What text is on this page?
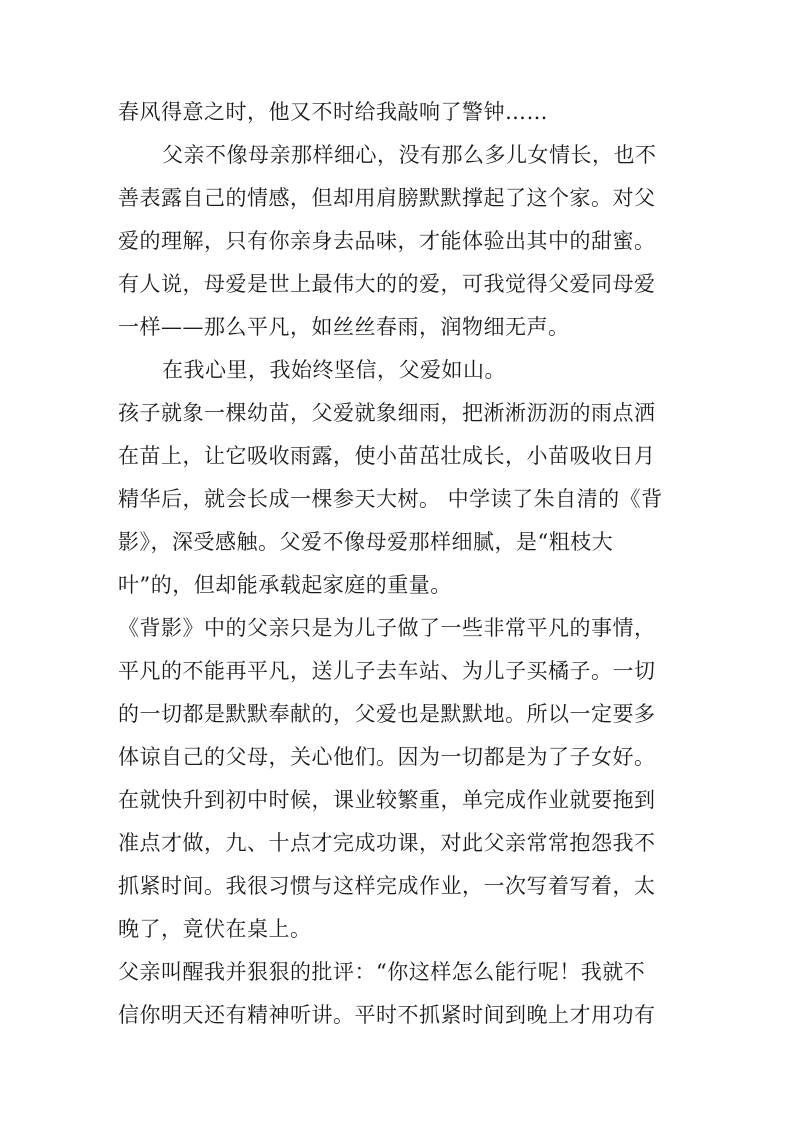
春风得意之时，他又不时给我敲响了警钟……
父亲不像母亲那样细心，没有那么多儿女情长，也不
善表露自己的情感，但却用肩膀默默撑起了这个家。对父
爱的理解，只有你亲身去品味，才能体验出其中的甜蜜。
有人说，母爱是世上最伟大的的爱，可我觉得父爱同母爱
一样——那么平凡，如丝丝春雨，润物细无声。
在我心里，我始终坚信，父爱如山。
孩子就象一棵幼苗，父爱就象细雨，把淅淅沥沥的雨点洒
在苗上，让它吸收雨露，使小苗茁壮成长，小苗吸收日月
精华后，就会长成一棵参天大树。 中学读了朱自清的《背
影》，深受感触。父爱不像母爱那样细腻，是“粗枝大
叶”的，但却能承载起家庭的重量。
《背影》中的父亲只是为儿子做了一些非常平凡的事情，
平凡的不能再平凡，送儿子去车站、为儿子买橘子。一切
的一切都是默默奉献的，父爱也是默默地。所以一定要多
体谅自己的父母，关心他们。因为一切都是为了子女好。
在就快升到初中时候，课业较繁重，单完成作业就要拖到
准点才做，九、十点才完成功课，对此父亲常常抱怨我不
抓紧时间。我很习惯与这样完成作业，一次写着写着，太
晚了，竟伏在桌上。
父亲叫醒我并狠狠的批评：“你这样怎么能行呢！我就不
信你明天还有精神听讲。平时不抓紧时间到晚上才用功有
